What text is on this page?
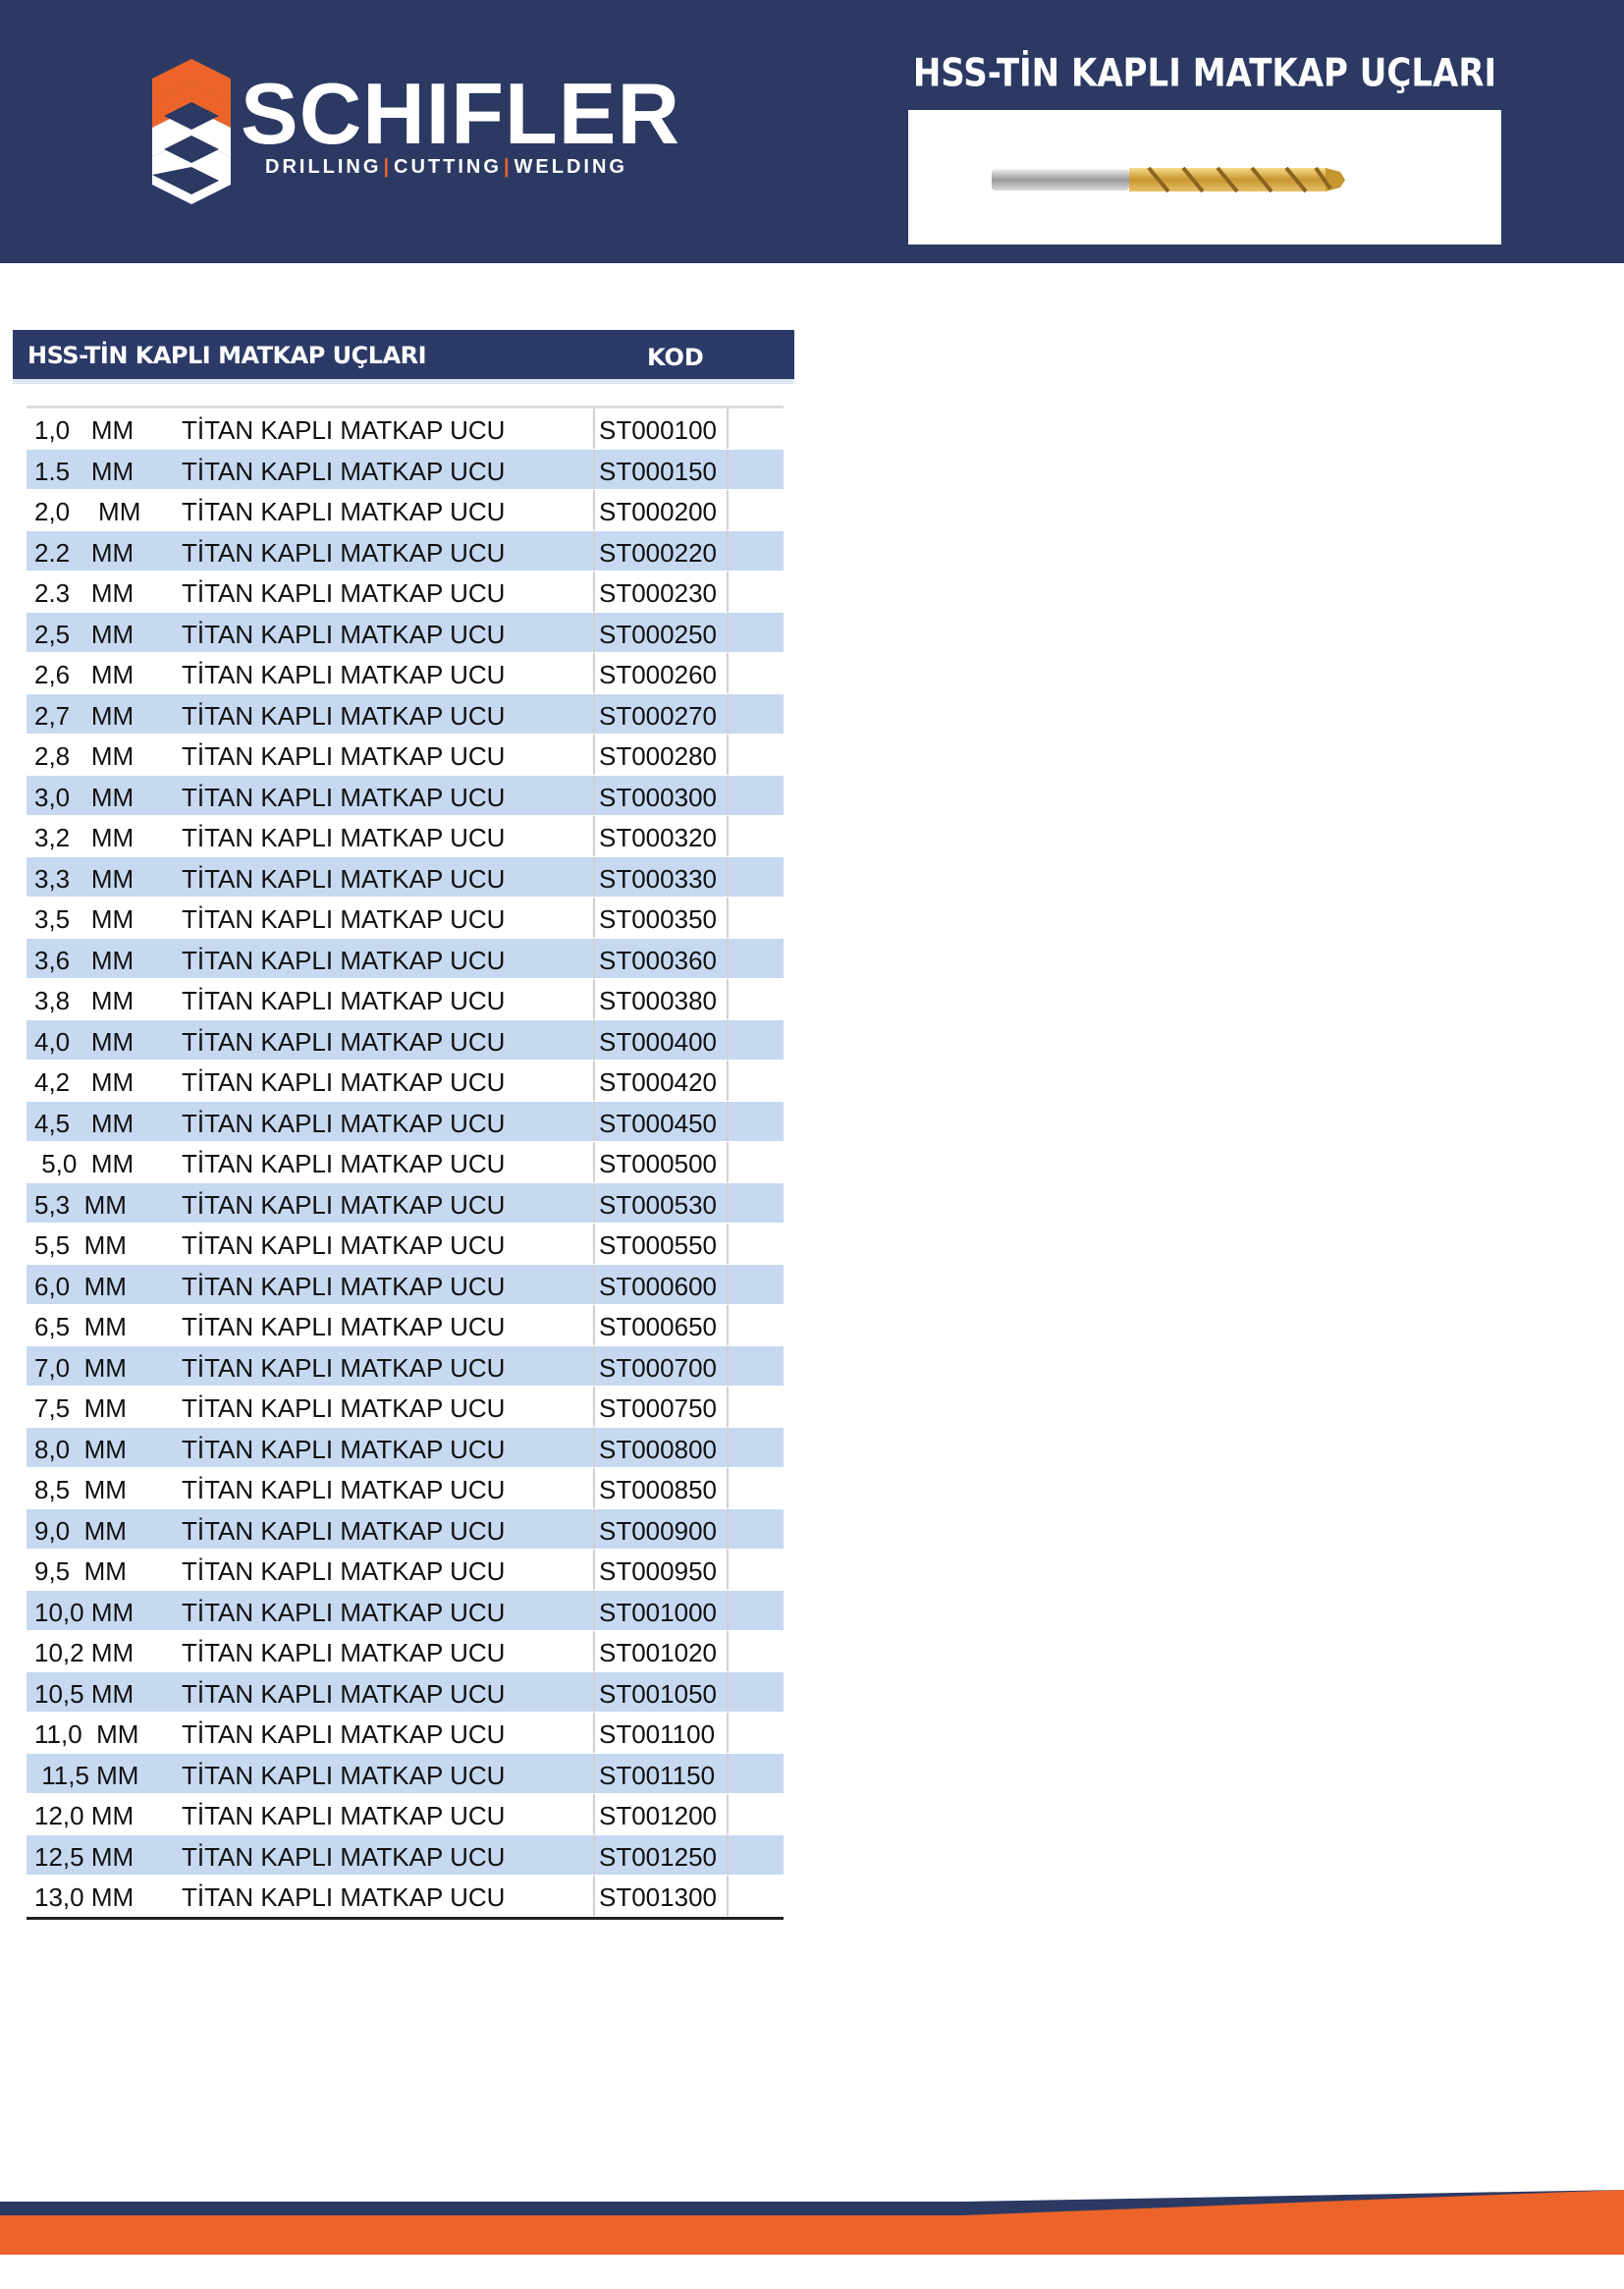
SCHIFLER
DRILLING | CUTTING | WELDING
HSS-TİN KAPLI MATKAP UÇLARI
HSS-TİN KAPLI MATKAP UÇLARI	KOD
1,0   MM TİTAN KAPLI MATKAP UCU	ST000100
1.5   MM TİTAN KAPLI MATKAP UCU	ST000150
2,0    MM TİTAN KAPLI MATKAP UCU	ST000200
2.2   MM TİTAN KAPLI MATKAP UCU	ST000220
2.3   MM TİTAN KAPLI MATKAP UCU	ST000230
2,5   MM TİTAN KAPLI MATKAP UCU	ST000250
2,6   MM TİTAN KAPLI MATKAP UCU	ST000260
2,7   MM TİTAN KAPLI MATKAP UCU	ST000270
2,8   MM TİTAN KAPLI MATKAP UCU	ST000280
3,0   MM TİTAN KAPLI MATKAP UCU	ST000300
3,2   MM TİTAN KAPLI MATKAP UCU	ST000320
3,3   MM TİTAN KAPLI MATKAP UCU	ST000330
3,5   MM TİTAN KAPLI MATKAP UCU	ST000350
3,6   MM TİTAN KAPLI MATKAP UCU	ST000360
3,8   MM TİTAN KAPLI MATKAP UCU	ST000380
4,0   MM TİTAN KAPLI MATKAP UCU	ST000400
4,2   MM TİTAN KAPLI MATKAP UCU	ST000420
4,5   MM TİTAN KAPLI MATKAP UCU	ST000450
5,0  MM TİTAN KAPLI MATKAP UCU	ST000500
5,3  MM TİTAN KAPLI MATKAP UCU	ST000530
5,5  MM TİTAN KAPLI MATKAP UCU	ST000550
6,0  MM TİTAN KAPLI MATKAP UCU	ST000600
6,5  MM TİTAN KAPLI MATKAP UCU	ST000650
7,0  MM TİTAN KAPLI MATKAP UCU	ST000700
7,5  MM TİTAN KAPLI MATKAP UCU	ST000750
8,0  MM TİTAN KAPLI MATKAP UCU	ST000800
8,5  MM TİTAN KAPLI MATKAP UCU	ST000850
9,0  MM TİTAN KAPLI MATKAP UCU	ST000900
9,5  MM TİTAN KAPLI MATKAP UCU	ST000950
10,0 MM TİTAN KAPLI MATKAP UCU	ST001000
10,2 MM TİTAN KAPLI MATKAP UCU	ST001020
10,5 MM TİTAN KAPLI MATKAP UCU	ST001050
11,0  MM TİTAN KAPLI MATKAP UCU	ST001100
11,5 MM TİTAN KAPLI MATKAP UCU	ST001150
12,0 MM TİTAN KAPLI MATKAP UCU	ST001200
12,5 MM TİTAN KAPLI MATKAP UCU	ST001250
13,0 MM TİTAN KAPLI MATKAP UCU	ST001300
